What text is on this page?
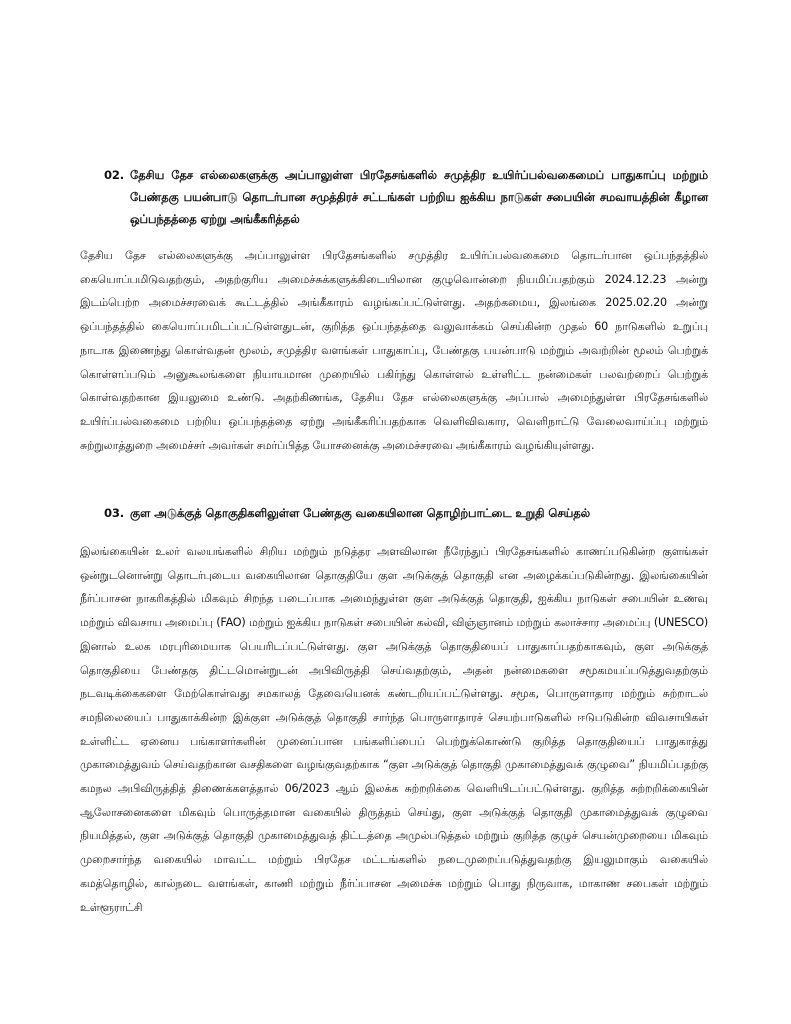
02. தேசிய தேச எல்லைகளுக்கு அப்பாலுள்ள பிரதேசங்களில் சமுத்திர உயிர்ப்பல்வகைமைப் பாதுகாப்பு மற்றும் பேண்தகு பயன்பாடு தொடர்பான சமுத்திரச் சட்டங்கள் பற்றிய ஐக்கிய நாடுகள் சபையின் சமவாயத்தின் கீழான ஒப்பந்தத்தை ஏற்று அங்கீகரித்தல்

தேசிய தேச எல்லைகளுக்கு அப்பாலுள்ள பிரதேசங்களில் சமுத்திர உயிர்ப்பல்வகைமை தொடர்பான ஒப்பந்தத்தில் கையொப்பமிடுவதற்கும், அதற்குரிய அமைச்சுக்களுக்கிடையிலான குழுவொன்றை நியமிப்பதற்கும் 2024.12.23 அன்று இடம்பெற்ற அமைச்சரவைக் கூட்டத்தில் அங்கீகாரம் வழங்கப்பட்டுள்ளது. அதற்கமைய, இலங்கை 2025.02.20 அன்று ஒப்பந்தத்தில் கையொப்பமிடப்பட்டுள்ளதுடன், குறித்த ஒப்பந்தத்தை வலுவாக்கம் செய்கின்ற முதல் 60 நாடுகளில் உறுப்பு நாடாக இணைந்து கொள்வதன் மூலம், சமுத்திர வளங்கள் பாதுகாப்பு, பேண்தகு பயன்பாடு மற்றும் அவற்றின் மூலம் பெற்றுக் கொள்ளப்படும் அனுகூலங்களை நியாயமான முறையில் பகிர்ந்து கொள்ளல் உள்ளிட்ட நன்மைகள் பலவற்றைப் பெற்றுக் கொள்வதற்கான இயலுமை உண்டு. அதற்கிணங்க, தேசிய தேச எல்லைகளுக்கு அப்பால் அமைந்துள்ள பிரதேசங்களில் உயிர்ப்பல்வகைமை பற்றிய ஒப்பந்தத்தை ஏற்று அங்கீகரிப்பதற்காக வெளிவிவகார, வெளிநாட்டு வேலைவாய்ப்பு மற்றும் சுற்றுலாத்துறை அமைச்சர் அவர்கள் சமர்ப்பித்த யோசனைக்கு அமைச்சரவை அங்கீகாரம் வழங்கியுள்ளது.

03. குள அடுக்குத் தொகுதிகளிலுள்ள பேண்தகு வகையிலான தொழிற்பாட்டை உறுதி செய்தல்

இலங்கையின் உலர் வலயங்களில் சிறிய மற்றும் நடுத்தர அளவிலான நீரேந்துப் பிரதேசங்களில் காணப்படுகின்ற குளங்கள் ஒன்றுடனொன்று தொடர்புடைய வகையிலான தொகுதியே குள அடுக்குத் தொகுதி என அழைக்கப்படுகின்றது. இலங்கையின் நீர்ப்பாசன நாகரிகத்தில் மிகவும் சிறந்த படைப்பாக அமைந்துள்ள குள அடுக்குத் தொகுதி, ஐக்கிய நாடுகள் சபையின் உணவு மற்றும் விவசாய அமைப்பு (FAO) மற்றும் ஐக்கிய நாடுகள் சபையின் கல்வி, விஞ்ஞானம் மற்றும் கலாச்சார அமைப்பு (UNESCO) இனால் உலக மரபுரிமையாக பெயரிடப்பட்டுள்ளது. குள அடுக்குத் தொகுதியைப் பாதுகாப்பதற்காகவும், குள அடுக்குத் தொகுதியை பேண்தகு திட்டமொன்றுடன் அபிவிருத்தி செய்வதற்கும், அதன் நன்மைகளை சமூகமயப்படுத்துவதற்கும் நடவடிக்கைகளை மேற்கொள்வது சமகாலத் தேவையெனக் கண்டறியப்பட்டுள்ளது. சமூக, பொருளாதார மற்றும் சுற்றாடல் சமநிலையைப் பாதுகாக்கின்ற இக்குள அடுக்குத் தொகுதி சார்ந்த பொருளாதாரச் செயற்பாடுகளில் ஈடுபடுகின்ற விவசாயிகள் உள்ளிட்ட ஏனைய பங்காளர்களின் முனைப்பான பங்களிப்பைப் பெற்றுக்கொண்டு குறித்த தொகுதியைப் பாதுகாத்து முகாமைத்துவம் செய்வதற்கான வசதிகளை வழங்குவதற்காக “குள அடுக்குத் தொகுதி முகாமைத்துவக் குழுவை” நியமிப்பதற்கு கமநல அபிவிருத்தித் திணைக்களத்தால் 06/2023 ஆம் இலக்க சுற்றறிக்கை வெளியிடப்பட்டுள்ளது. குறித்த சுற்றறிக்கையின் ஆலோசனைகளை மிகவும் பொருத்தமான வகையில் திருத்தம் செய்து, குள அடுக்குத் தொகுதி முகாமைத்துவக் குழுவை நியமித்தல், குள அடுக்குத் தொகுதி முகாமைத்துவத் திட்டத்தை அமுல்படுத்தல் மற்றும் குறித்த குழுச் செயன்முறையை மிகவும் முறைசார்ந்த வகையில் மாவட்ட மற்றும் பிரதேச மட்டங்களில் நடைமுறைப்படுத்துவதற்கு இயலுமாகும் வகையில் கமத்தொழில், கால்நடை வளங்கள், காணி மற்றும் நீர்ப்பாசன அமைச்சு மற்றும் பொது நிருவாக, மாகாண சபைகள் மற்றும் உள்ளூராட்சி
